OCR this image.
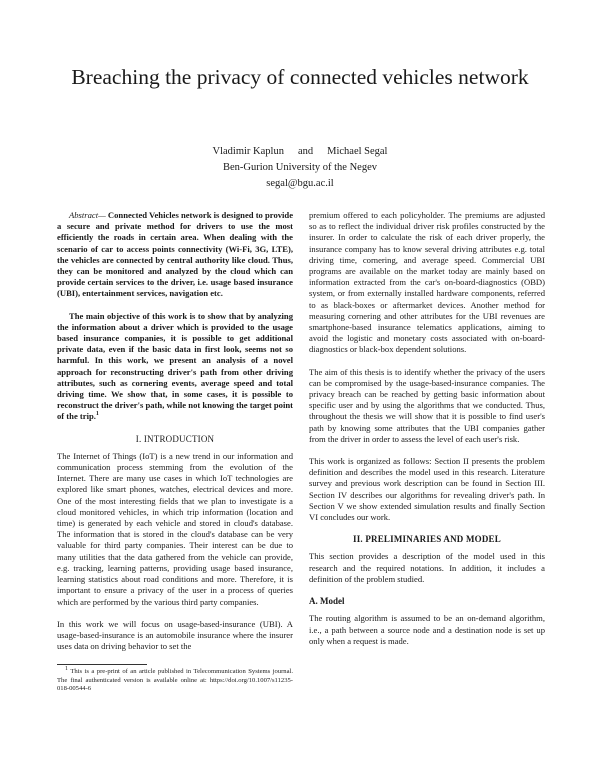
Breaching the privacy of connected vehicles network
Vladimir Kaplun and Michael Segal
Ben-Gurion University of the Negev
segal@bgu.ac.il

Abstract— Connected Vehicles network is designed to provide a secure and private method for drivers to use the most efficiently the roads in certain area. When dealing with the scenario of car to access points connectivity (Wi-Fi, 3G, LTE), the vehicles are connected by central authority like cloud. Thus, they can be monitored and analyzed by the cloud which can provide certain services to the driver, i.e. usage based insurance (UBI), entertainment services, navigation etc.

The main objective of this work is to show that by analyzing the information about a driver which is provided to the usage based insurance companies, it is possible to get additional private data, even if the basic data in first look, seems not so harmful. In this work, we present an analysis of a novel approach for reconstructing driver's path from other driving attributes, such as cornering events, average speed and total driving time. We show that, in some cases, it is possible to reconstruct the driver's path, while not knowing the target point of the trip.$^1$

I. INTRODUCTION

The Internet of Things (IoT) is a new trend in our information and communication process stemming from the evolution of the Internet. There are many use cases in which IoT technologies are explored like smart phones, watches, electrical devices and more. One of the most interesting fields that we plan to investigate is a cloud monitored vehicles, in which trip information (location and time) is generated by each vehicle and stored in cloud's database. The information that is stored in the cloud's database can be very valuable for third party companies. Their interest can be due to many utilities that the data gathered from the vehicle can provide, e.g. tracking, learning patterns, providing usage based insurance, learning statistics about road conditions and more. Therefore, it is important to ensure a privacy of the user in a process of queries which are performed by the various third party companies.

In this work we will focus on usage-based-insurance (UBI). A usage-based-insurance is an automobile insurance where the insurer uses data on driving behavior to set the

$^1$ This is a pre-print of an article published in Telecommunication Systems journal. The final authenticated version is available online at: https://doi.org/10.1007/s11235-018-00544-6

premium offered to each policyholder. The premiums are adjusted so as to reflect the individual driver risk profiles constructed by the insurer. In order to calculate the risk of each driver properly, the insurance company has to know several driving attributes e.g. total driving time, cornering, and average speed. Commercial UBI programs are available on the market today are mainly based on information extracted from the car's on-board-diagnostics (OBD) system, or from externally installed hardware components, referred to as black-boxes or aftermarket devices. Another method for measuring cornering and other attributes for the UBI revenues are smartphone-based insurance telematics applications, aiming to avoid the logistic and monetary costs associated with on-board-diagnostics or black-box dependent solutions.

The aim of this thesis is to identify whether the privacy of the users can be compromised by the usage-based-insurance companies. The privacy breach can be reached by getting basic information about specific user and by using the algorithms that we conducted. Thus, throughout the thesis we will show that it is possible to find user's path by knowing some attributes that the UBI companies gather from the driver in order to assess the level of each user's risk.

This work is organized as follows: Section II presents the problem definition and describes the model used in this research. Literature survey and previous work description can be found in Section III. Section IV describes our algorithms for revealing driver's path. In Section V we show extended simulation results and finally Section VI concludes our work.

II. PRELIMINARIES AND MODEL

This section provides a description of the model used in this research and the required notations. In addition, it includes a definition of the problem studied.

A. Model

The routing algorithm is assumed to be an on-demand algorithm, i.e., a path between a source node and a destination node is set up only when a request is made.
